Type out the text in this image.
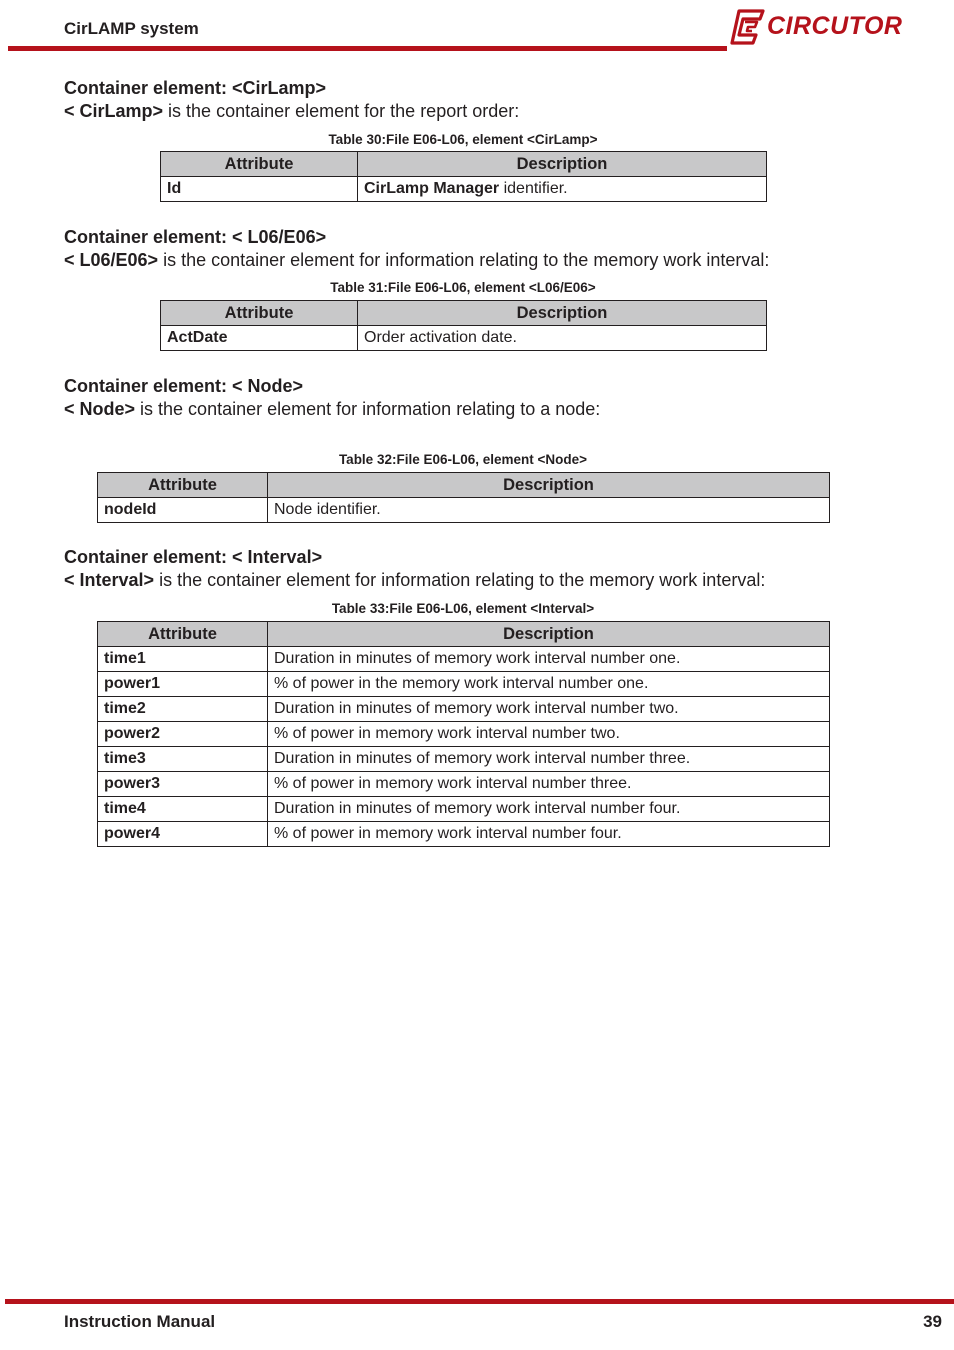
CirLAMP system	CIRCUTOR

Container element: <CirLamp>

< CirLamp> is the container element for the report order:

Table 30:File E06-L06, element <CirLamp>
Attribute	Description
Id	CirLamp Manager identifier.

Container element: < L06/E06>

< L06/E06> is the container element for information relating to the memory work interval:

Table 31:File E06-L06, element <L06/E06>
Attribute	Description
ActDate	Order activation date.

Container element: < Node>

< Node> is the container element for information relating to a node:

Table 32:File E06-L06, element <Node>
Attribute	Description
nodeId	Node identifier.

Container element: < Interval>

< Interval> is the container element for information relating to the memory work interval:

Table 33:File E06-L06, element <Interval>
Attribute	Description
time1	Duration in minutes of memory work interval number one.
power1	% of power in the memory work interval number one.
time2	Duration in minutes of memory work interval number two.
power2	% of power in memory work interval number two.
time3	Duration in minutes of memory work interval number three.
power3	% of power in memory work interval number three.
time4	Duration in minutes of memory work interval number four.
power4	% of power in memory work interval number four.
Instruction Manual	39
